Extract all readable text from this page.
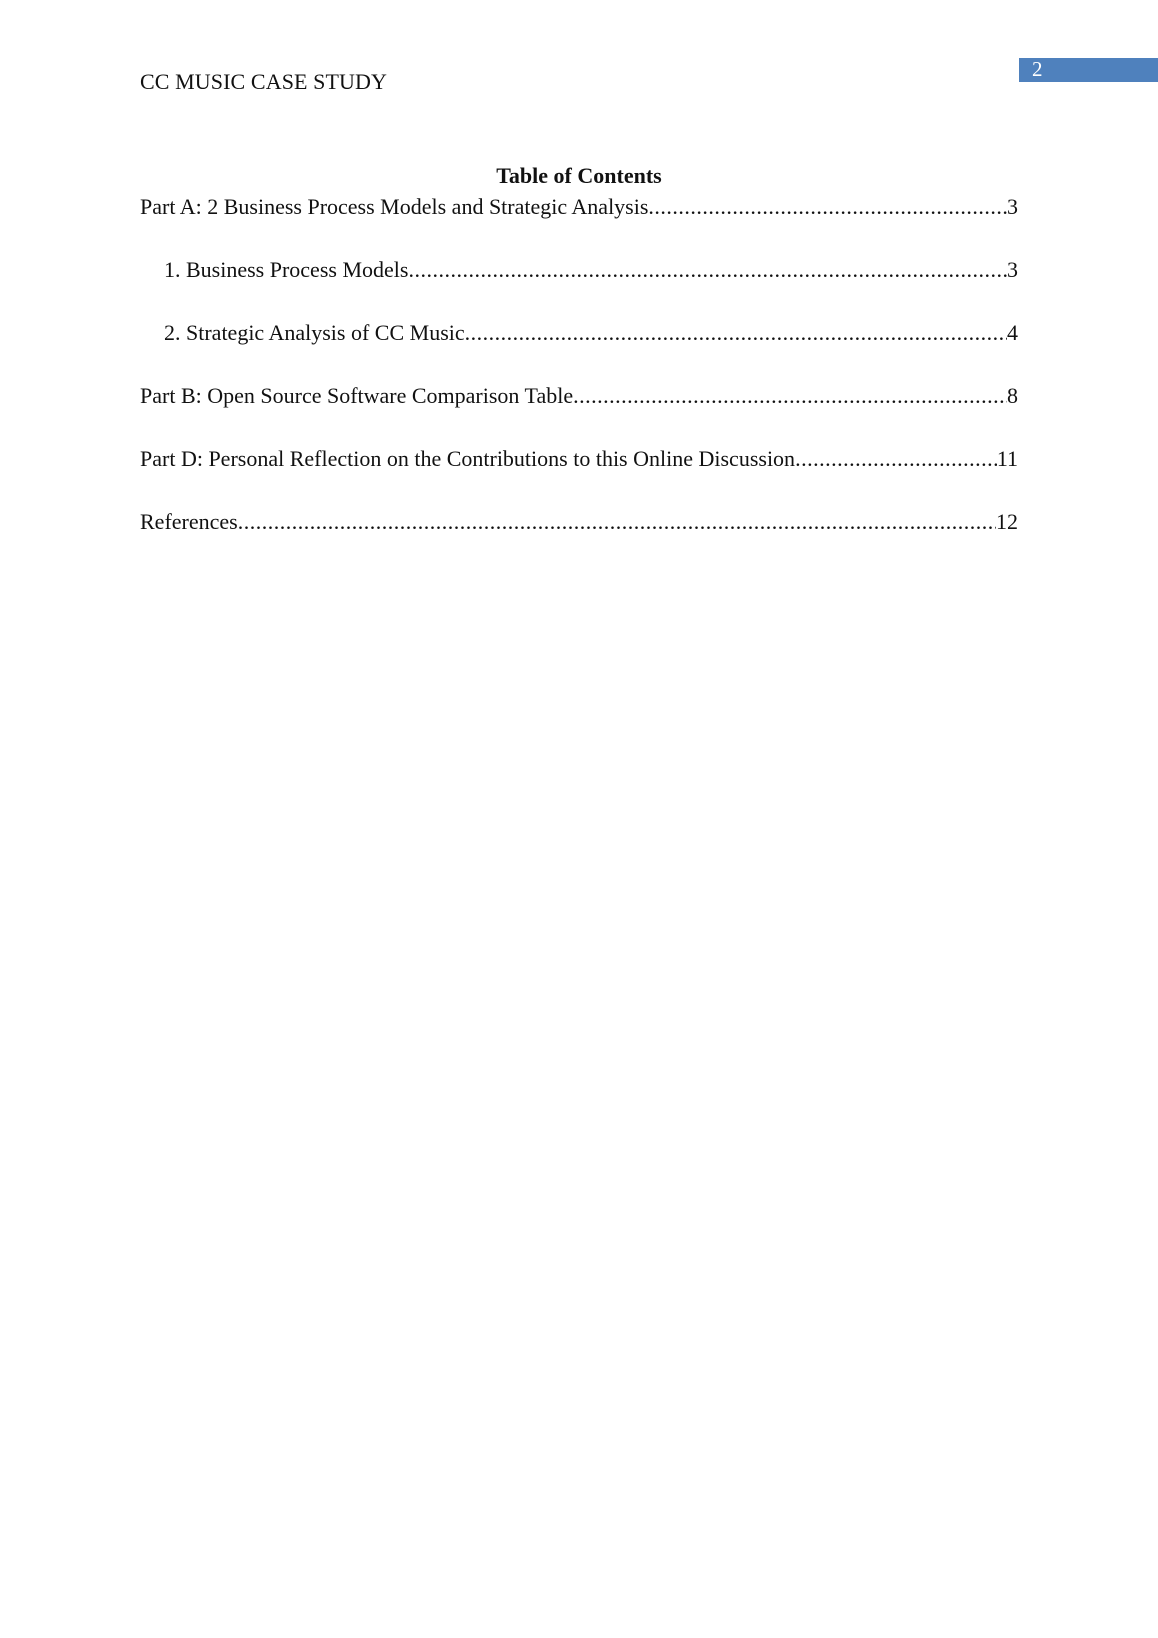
2
CC MUSIC CASE STUDY
Table of Contents
Part A: 2 Business Process Models and Strategic Analysis .....	3
1. Business Process Models .....	3
2. Strategic Analysis of CC Music .....	4
Part B: Open Source Software Comparison Table .....	8
Part D: Personal Reflection on the Contributions to this Online Discussion .....	11
References .....	12
